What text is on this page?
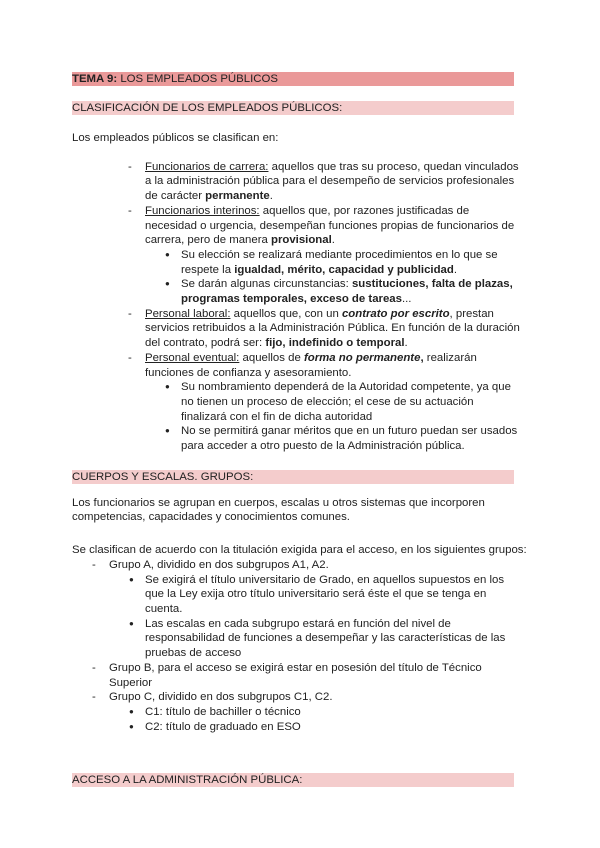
TEMA 9: LOS EMPLEADOS PÚBLICOS
CLASIFICACIÓN DE LOS EMPLEADOS PÚBLICOS:
Los empleados públicos se clasifican en:
- Funcionarios de carrera: aquellos que tras su proceso, quedan vinculados a la administración pública para el desempeño de servicios profesionales de carácter permanente.
- Funcionarios interinos: aquellos que, por razones justificadas de necesidad o urgencia, desempeñan funciones propias de funcionarios de carrera, pero de manera provisional.
● Su elección se realizará mediante procedimientos en lo que se respete la igualdad, mérito, capacidad y publicidad.
● Se darán algunas circunstancias: sustituciones, falta de plazas, programas temporales, exceso de tareas...
- Personal laboral: aquellos que, con un contrato por escrito, prestan servicios retribuidos a la Administración Pública. En función de la duración del contrato, podrá ser: fijo, indefinido o temporal.
- Personal eventual: aquellos de forma no permanente, realizarán funciones de confianza y asesoramiento.
● Su nombramiento dependerá de la Autoridad competente, ya que no tienen un proceso de elección; el cese de su actuación finalizará con el fin de dicha autoridad
● No se permitirá ganar méritos que en un futuro puedan ser usados para acceder a otro puesto de la Administración pública.
CUERPOS Y ESCALAS. GRUPOS:
Los funcionarios se agrupan en cuerpos, escalas u otros sistemas que incorporen competencias, capacidades y conocimientos comunes.
Se clasifican de acuerdo con la titulación exigida para el acceso, en los siguientes grupos:
- Grupo A, dividido en dos subgrupos A1, A2.
● Se exigirá el título universitario de Grado, en aquellos supuestos en los que la Ley exija otro título universitario será éste el que se tenga en cuenta.
● Las escalas en cada subgrupo estará en función del nivel de responsabilidad de funciones a desempeñar y las características de las pruebas de acceso
- Grupo B, para el acceso se exigirá estar en posesión del título de Técnico Superior
- Grupo C, dividido en dos subgrupos C1, C2.
● C1: título de bachiller o técnico
● C2: título de graduado en ESO
ACCESO A LA ADMINISTRACIÓN PÚBLICA:
